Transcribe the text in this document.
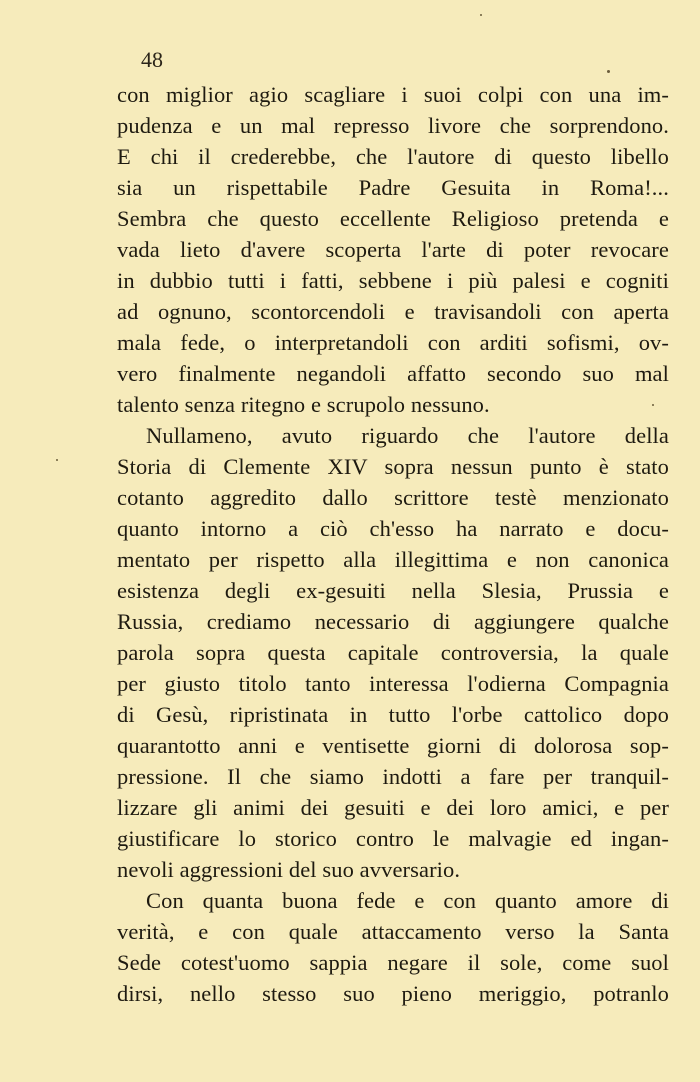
48
con miglior agio scagliare i suoi colpi con una im-
pudenza e un mal represso livore che sorprendono.
E chi il crederebbe, che l'autore di questo libello
sia un rispettabile Padre Gesuita in Roma!...
Sembra che questo eccellente Religioso pretenda e
vada lieto d'avere scoperta l'arte di poter revocare
in dubbio tutti i fatti, sebbene i più palesi e cogniti
ad ognuno, scontorcendoli e travisandoli con aperta
mala fede, o interpretandoli con arditi sofismi, ov-
vero finalmente negandoli affatto secondo suo mal
talento senza ritegno e scrupolo nessuno.
Nullameno, avuto riguardo che l'autore della
Storia di Clemente XIV sopra nessun punto è stato
cotanto aggredito dallo scrittore testè menzionato
quanto intorno a ciò ch'esso ha narrato e docu-
mentato per rispetto alla illegittima e non canonica
esistenza degli ex-gesuiti nella Slesia, Prussia e
Russia, crediamo necessario di aggiungere qualche
parola sopra questa capitale controversia, la quale
per giusto titolo tanto interessa l'odierna Compagnia
di Gesù, ripristinata in tutto l'orbe cattolico dopo
quarantotto anni e ventisette giorni di dolorosa sop-
pressione. Il che siamo indotti a fare per tranquil-
lizzare gli animi dei gesuiti e dei loro amici, e per
giustificare lo storico contro le malvagie ed ingan-
nevoli aggressioni del suo avversario.
Con quanta buona fede e con quanto amore di
verità, e con quale attaccamento verso la Santa
Sede cotest'uomo sappia negare il sole, come suol
dirsi, nello stesso suo pieno meriggio, potranlo
